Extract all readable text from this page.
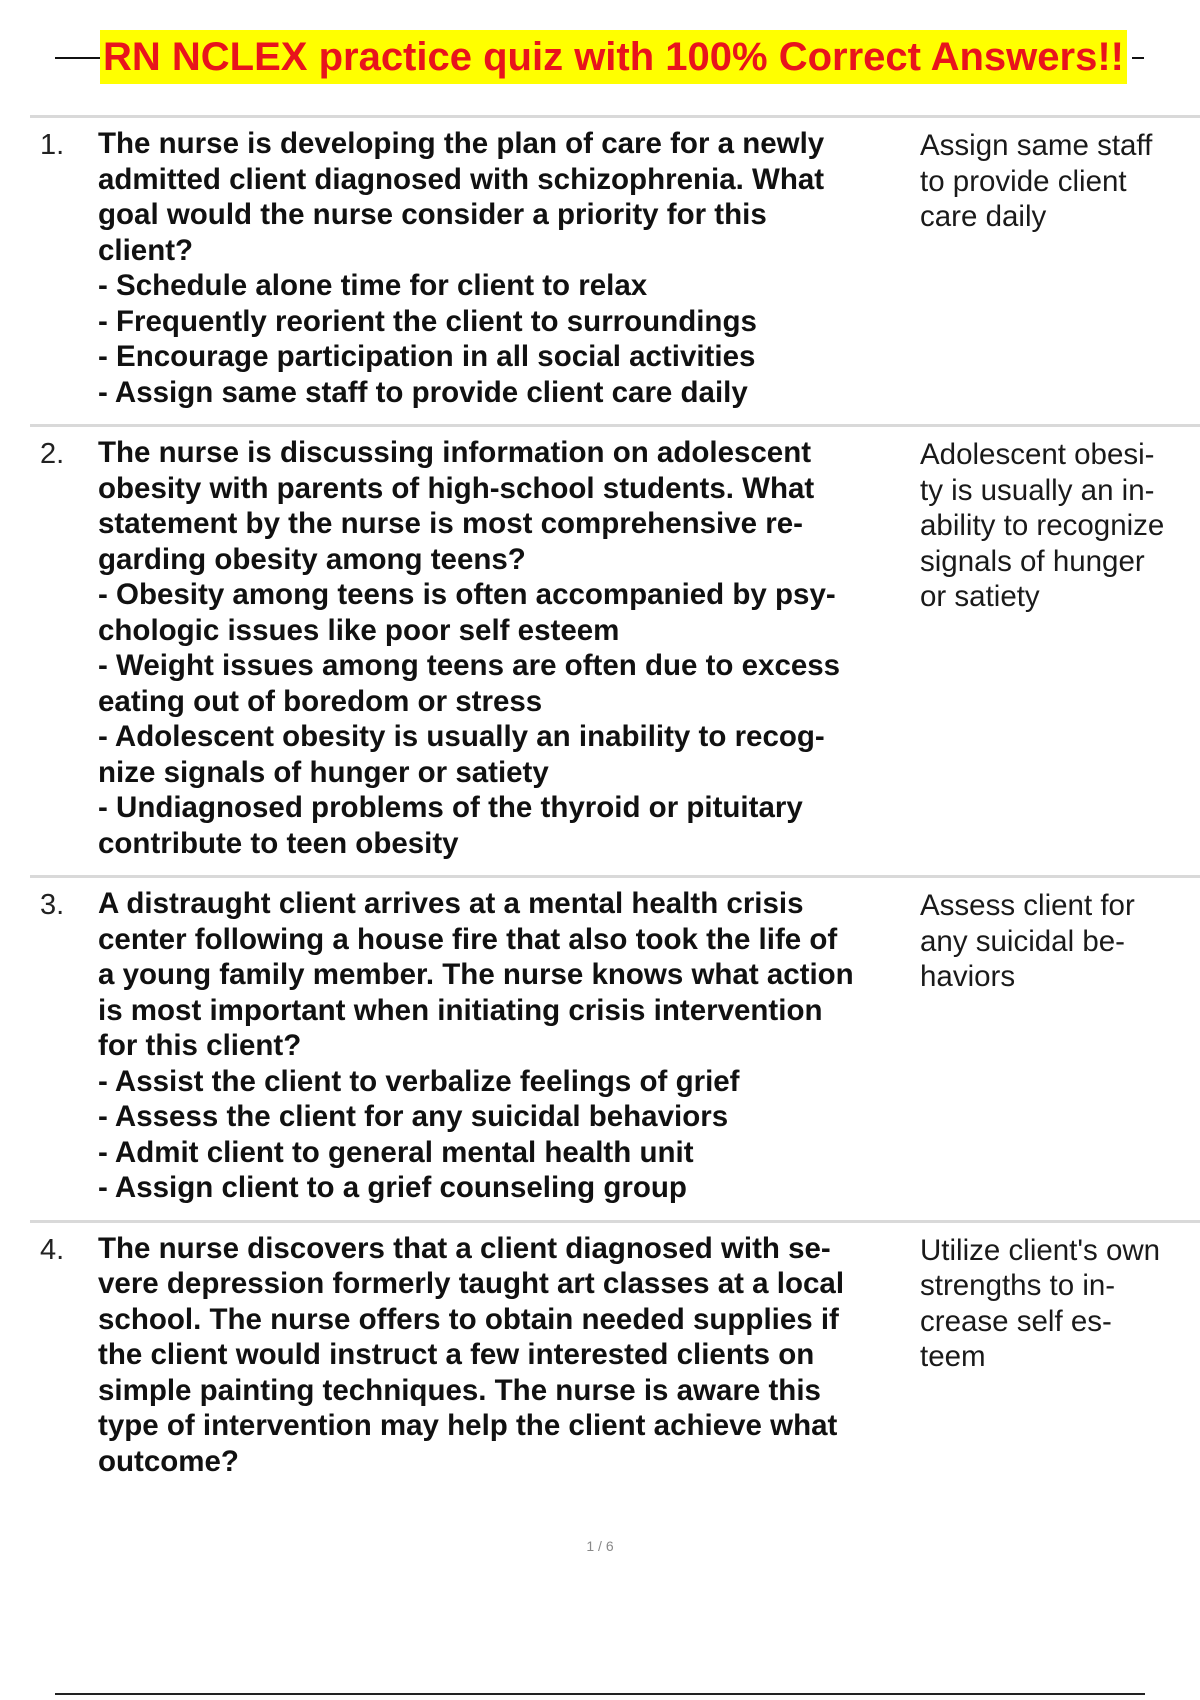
RN NCLEX practice quiz with 100% Correct Answers!!
1. The nurse is developing the plan of care for a newly
admitted client diagnosed with schizophrenia. What
goal would the nurse consider a priority for this
client?
- Schedule alone time for client to relax
- Frequently reorient the client to surroundings
- Encourage participation in all social activities
- Assign same staff to provide client care daily
Assign same staff
to provide client
care daily
2. The nurse is discussing information on adolescent
obesity with parents of high-school students. What
statement by the nurse is most comprehensive re-
garding obesity among teens?
- Obesity among teens is often accompanied by psy-
chologic issues like poor self esteem
- Weight issues among teens are often due to excess
eating out of boredom or stress
- Adolescent obesity is usually an inability to recog-
nize signals of hunger or satiety
- Undiagnosed problems of the thyroid or pituitary
contribute to teen obesity
Adolescent obesi-
ty is usually an in-
ability to recognize
signals of hunger
or satiety
3. A distraught client arrives at a mental health crisis
center following a house fire that also took the life of
a young family member. The nurse knows what action
is most important when initiating crisis intervention
for this client?
- Assist the client to verbalize feelings of grief
- Assess the client for any suicidal behaviors
- Admit client to general mental health unit
- Assign client to a grief counseling group
Assess client for
any suicidal be-
haviors
4. The nurse discovers that a client diagnosed with se-
vere depression formerly taught art classes at a local
school. The nurse offers to obtain needed supplies if
the client would instruct a few interested clients on
simple painting techniques. The nurse is aware this
type of intervention may help the client achieve what
outcome?
Utilize client's own
strengths to in-
crease self es-
teem
1 / 6
